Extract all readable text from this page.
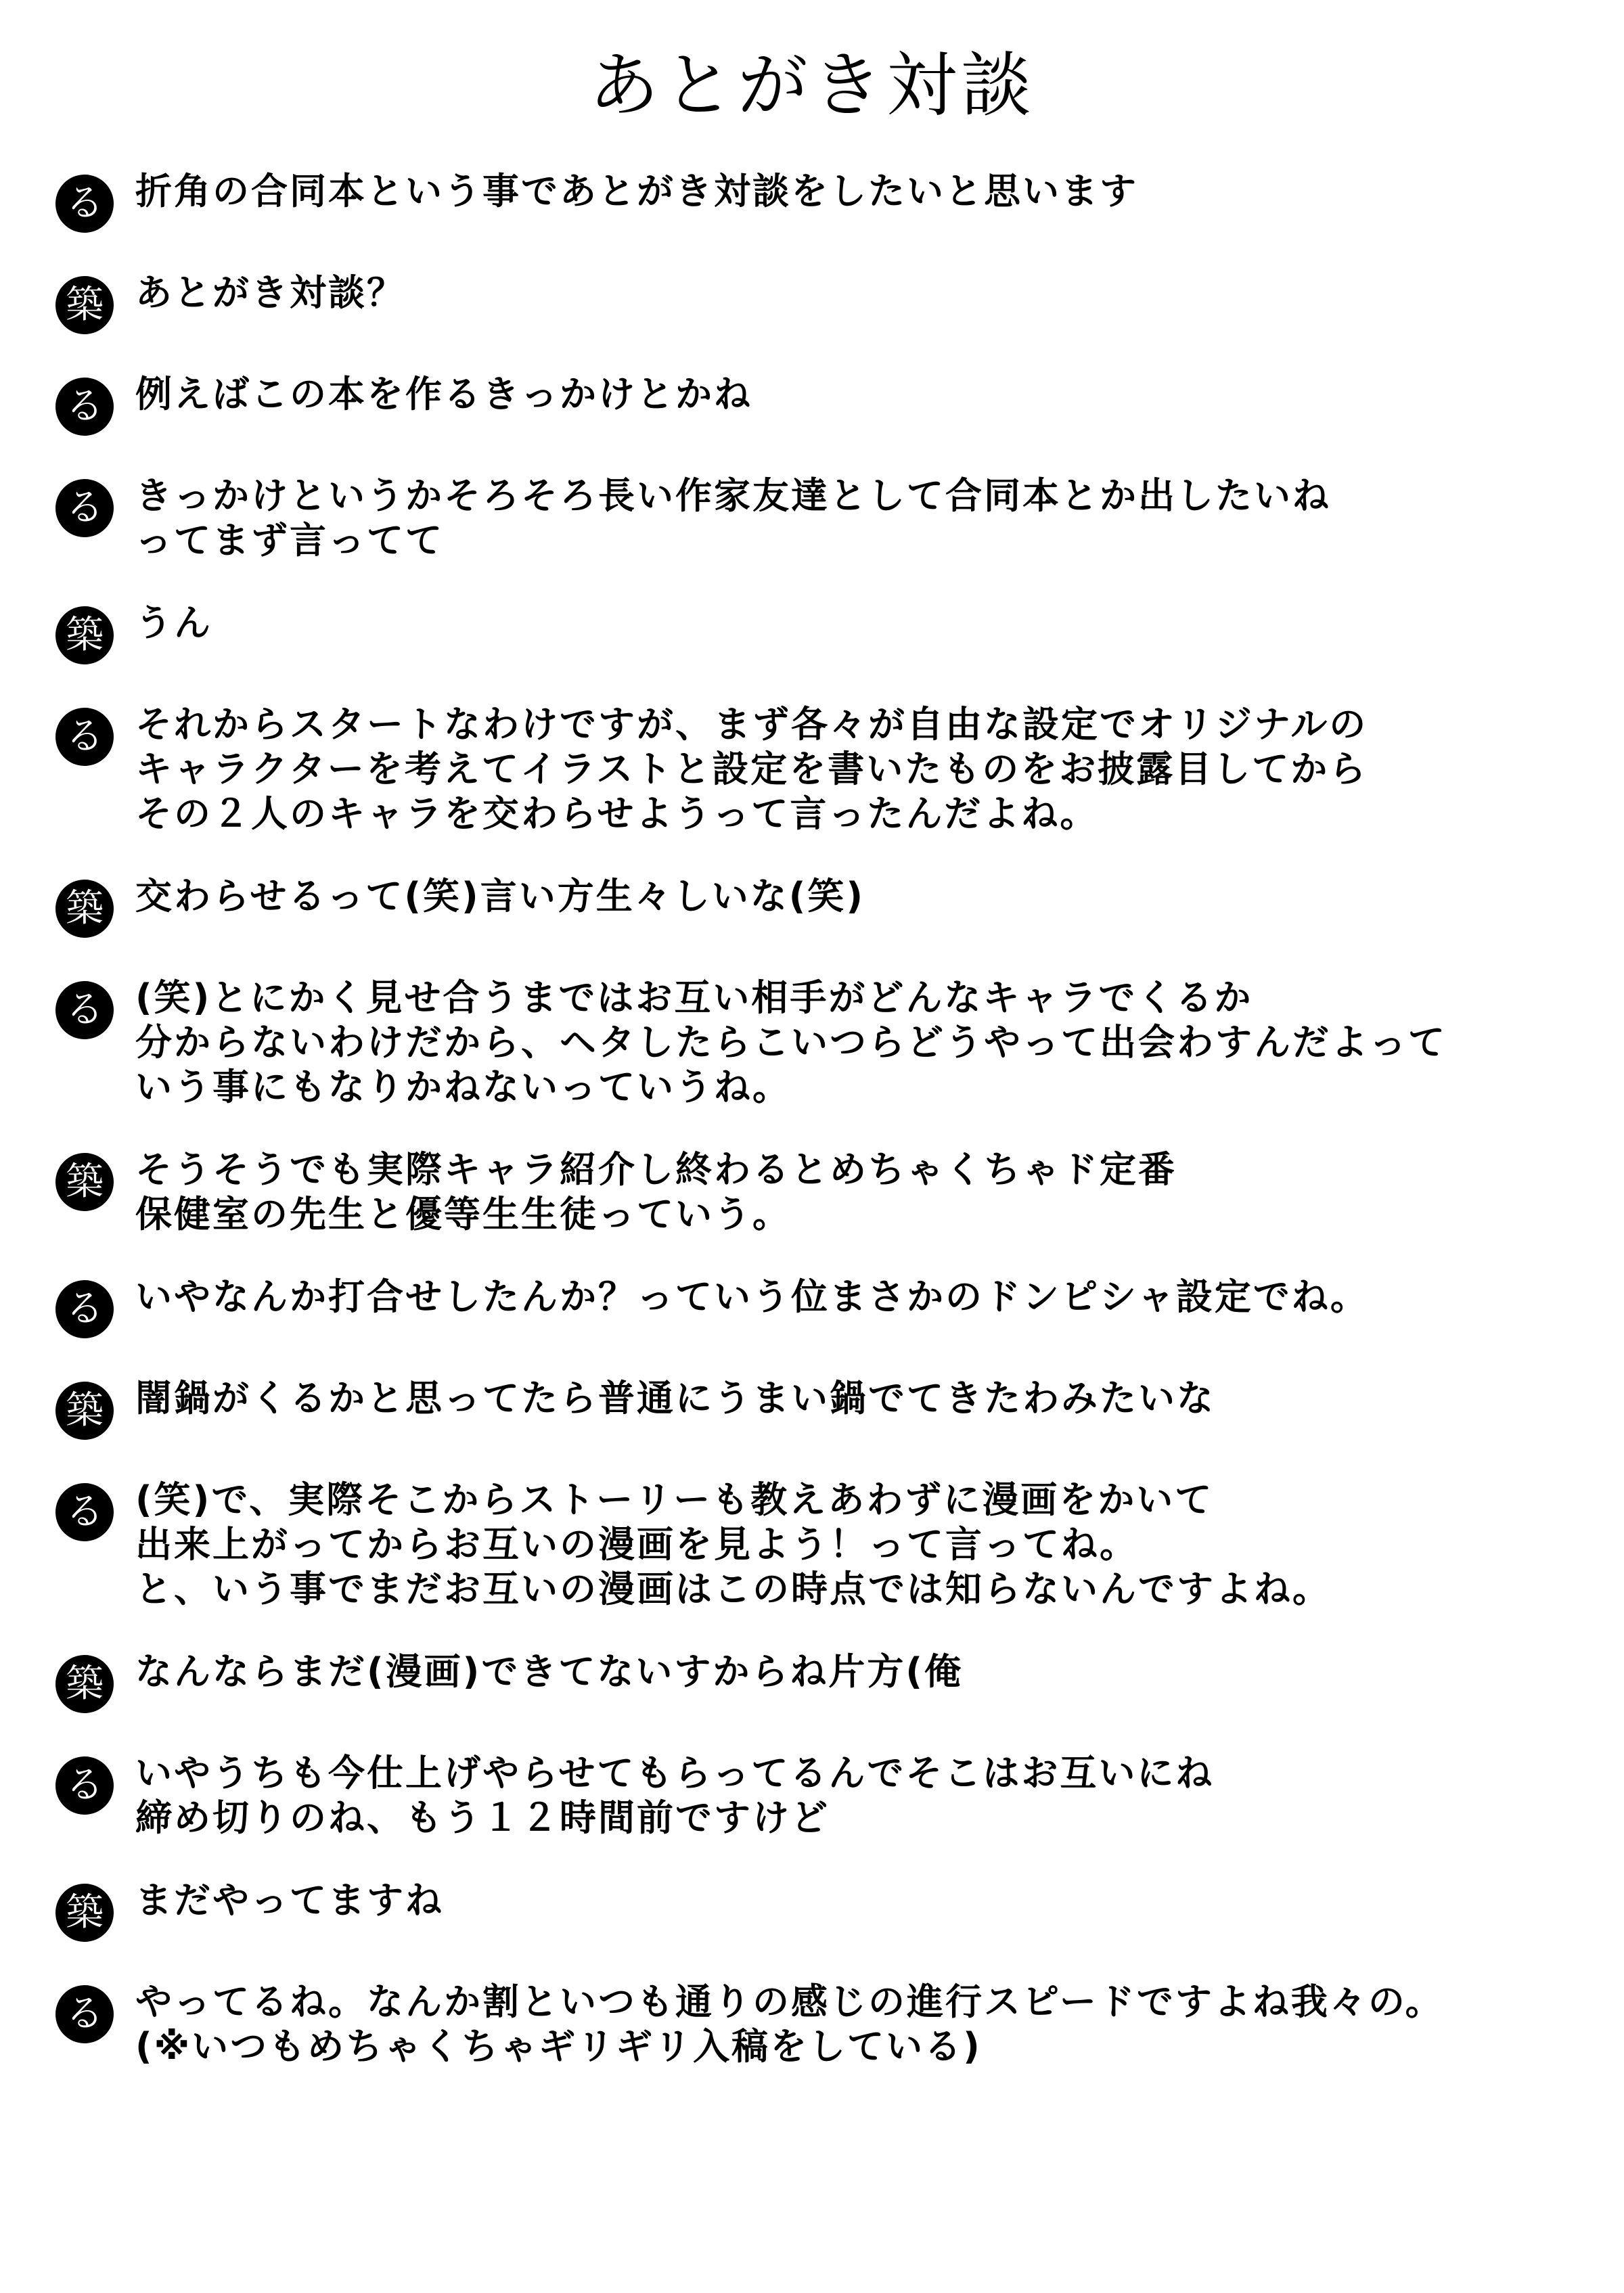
あとがき対談
る 折角の合同本という事であとがき対談をしたいと思います
築 あとがき対談？
る 例えばこの本を作るきっかけとかね
る きっかけというかそろそろ長い作家友達として合同本とか出したいね
ってまず言ってて
築 うん
る それからスタートなわけですが、まず各々が自由な設定でオリジナルの
キャラクターを考えてイラストと設定を書いたものをお披露目してから
その２人のキャラを交わらせようって言ったんだよね。
築 交わらせるって(笑)言い方生々しいな(笑)
る (笑)とにかく見せ合うまではお互い相手がどんなキャラでくるか
分からないわけだから、ヘタしたらこいつらどうやって出会わすんだよって
いう事にもなりかねないっていうね。
築 そうそうでも実際キャラ紹介し終わるとめちゃくちゃド定番
保健室の先生と優等生生徒っていう。
る いやなんか打合せしたんか？っていう位まさかのドンピシャ設定でね。
築 闇鍋がくるかと思ってたら普通にうまい鍋でてきたわみたいな
る (笑)で、実際そこからストーリーも教えあわずに漫画をかいて
出来上がってからお互いの漫画を見よう！って言ってね。
と、いう事でまだお互いの漫画はこの時点では知らないんですよね。
築 なんならまだ(漫画)できてないすからね片方(俺
る いやうちも今仕上げやらせてもらってるんでそこはお互いにね
締め切りのね、もう１２時間前ですけど
築 まだやってますね
る やってるね。なんか割といつも通りの感じの進行スピードですよね我々の。
(※いつもめちゃくちゃギリギリ入稿をしている)
